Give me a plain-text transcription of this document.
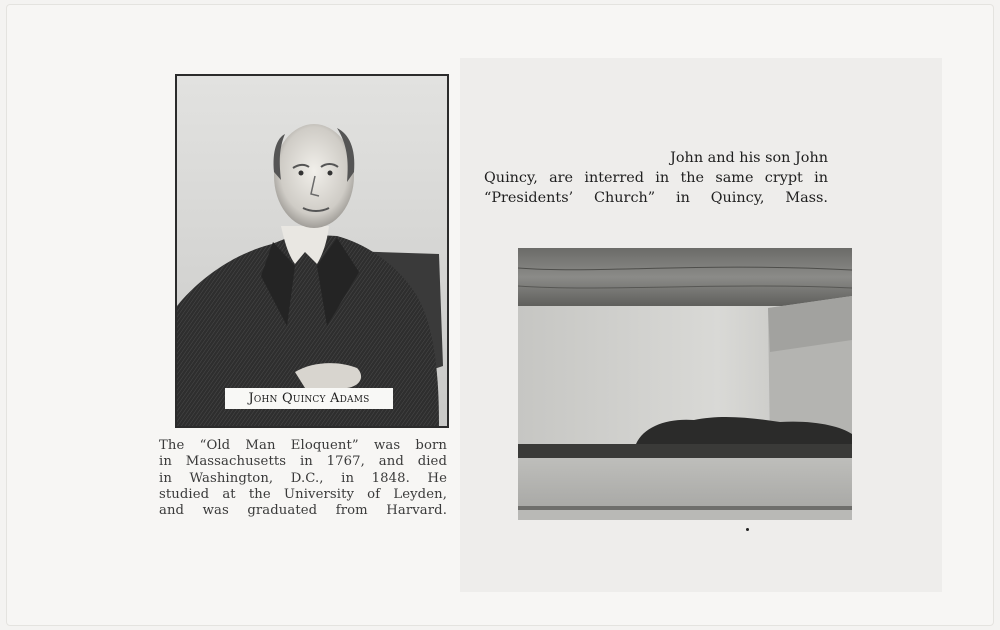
John Quincy Adams
The “Old Man Eloquent” was born
in Massachusetts in 1767, and died
in Washington, D.C., in 1848. He
studied at the University of Leyden,
and was graduated from Harvard.
John and his son John
Quincy, are interred in the same crypt in
“Presidents’ Church” in Quincy, Mass.
